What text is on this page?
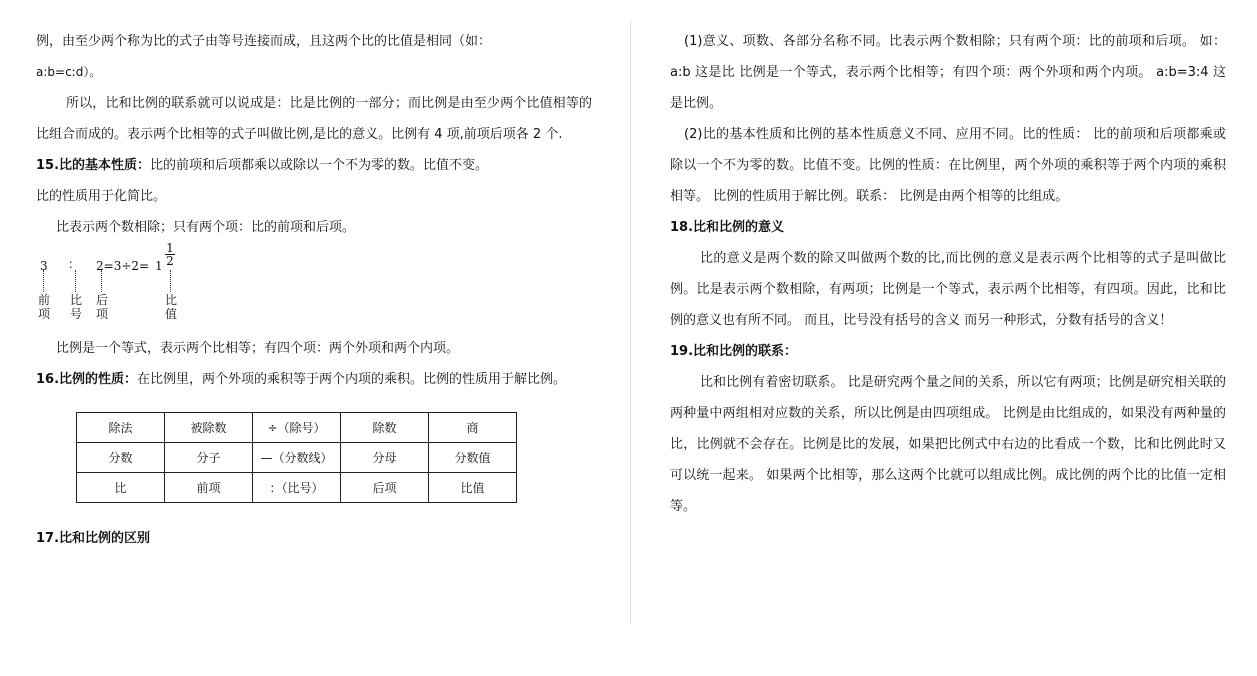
例，由至少两个称为比的式子由等号连接而成，且这两个比的比值是相同（如：

a:b=c:d）。

所以，比和比例的联系就可以说成是：比是比例的一部分；而比例是由至少两个比值相等的比组合而成的。表示两个比相等的式子叫做比例,是比的意义。比例有 4 项,前项后项各 2 个.

15.比的基本性质：比的前项和后项都乘以或除以一个不为零的数。比值不变。

比的性质用于化简比。

比表示两个数相除；只有两个项：比的前项和后项。

3 ： $2=3\div 2= 1 \frac{1}{2}$
前项
比号
后项
比值

比例是一个等式，表示两个比相等；有四个项：两个外项和两个内项。

16.比例的性质：在比例里，两个外项的乘积等于两个内项的乘积。比例的性质用于解比例。

除法	被除数	÷（除号）	除数	商
分数	分子	—（分数线）	分母	分数值
比	前项	：（比号）	后项	比值

17.比和比例的区别

(1)意义、项数、各部分名称不同。比表示两个数相除；只有两个项：比的前项和后项。 如：a:b 这是比 比例是一个等式，表示两个比相等；有四个项：两个外项和两个内项。 a:b=3:4 这是比例。

(2)比的基本性质和比例的基本性质意义不同、应用不同。比的性质： 比的前项和后项都乘或除以一个不为零的数。比值不变。比例的性质：在比例里，两个外项的乘积等于两个内项的乘积相等。 比例的性质用于解比例。联系： 比例是由两个相等的比组成。

18.比和比例的意义

比的意义是两个数的除又叫做两个数的比,而比例的意义是表示两个比相等的式子是叫做比例。比是表示两个数相除，有两项；比例是一个等式，表示两个比相等，有四项。因此，比和比例的意义也有所不同。 而且，比号没有括号的含义 而另一种形式，分数有括号的含义！

19.比和比例的联系：

比和比例有着密切联系。 比是研究两个量之间的关系，所以它有两项；比例是研究相关联的两种量中两组相对应数的关系，所以比例是由四项组成。 比例是由比组成的，如果没有两种量的比，比例就不会存在。比例是比的发展，如果把比例式中右边的比看成一个数，比和比例此时又可以统一起来。 如果两个比相等，那么这两个比就可以组成比例。成比例的两个比的比值一定相等。
